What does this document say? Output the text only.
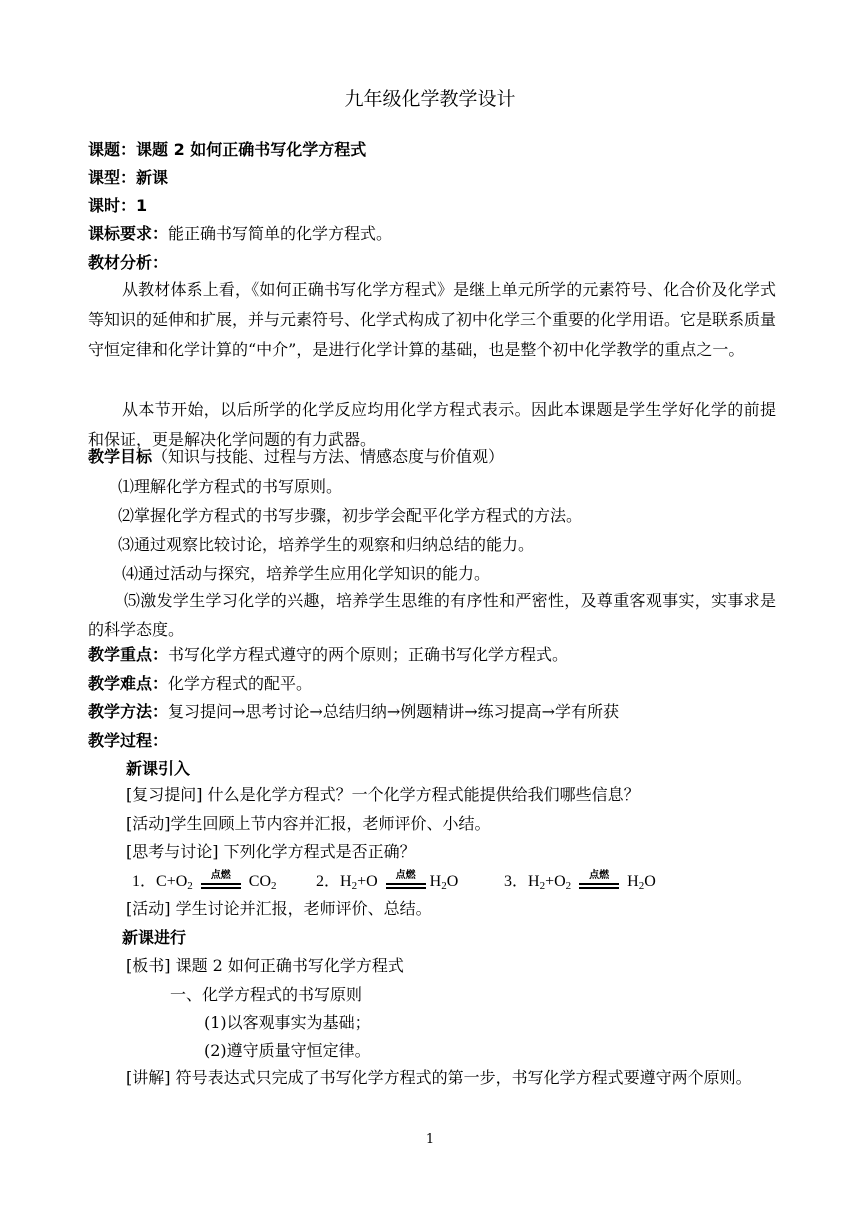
九年级化学教学设计
课题：课题 2 如何正确书写化学方程式
课型：新课
课时：1
课标要求：能正确书写简单的化学方程式。
教材分析：
从教材体系上看，《如何正确书写化学方程式》是继上单元所学的元素符号、化合价及化学式等知识的延伸和扩展，并与元素符号、化学式构成了初中化学三个重要的化学用语。它是联系质量守恒定律和化学计算的“中介”，是进行化学计算的基础，也是整个初中化学教学的重点之一。
从本节开始，以后所学的化学反应均用化学方程式表示。因此本课题是学生学好化学的前提和保证，更是解决化学问题的有力武器。
教学目标（知识与技能、过程与方法、情感态度与价值观）
⑴理解化学方程式的书写原则。
⑵掌握化学方程式的书写步骤，初步学会配平化学方程式的方法。
⑶通过观察比较讨论，培养学生的观察和归纳总结的能力。
⑷通过活动与探究，培养学生应用化学知识的能力。
⑸激发学生学习化学的兴趣，培养学生思维的有序性和严密性，及尊重客观事实，实事求是的科学态度。
教学重点：书写化学方程式遵守的两个原则；正确书写化学方程式。
教学难点：化学方程式的配平。
教学方法：复习提问→思考讨论→总结归纳→例题精讲→练习提高→学有所获
教学过程：
新课引入
[复习提问] 什么是化学方程式？一个化学方程式能提供给我们哪些信息？
[活动]学生回顾上节内容并汇报，老师评价、小结。
[思考与讨论] 下列化学方程式是否正确？
1．$C+O_2$
点燃	$CO_2$ 2．$H_2+O$	点燃 $H_2O$	3．$H_2+O_2$
点燃	$H_2O$
[活动] 学生讨论并汇报，老师评价、总结。
新课进行
[板书] 课题 2 如何正确书写化学方程式
一、化学方程式的书写原则
(1)以客观事实为基础；
(2)遵守质量守恒定律。
[讲解] 符号表达式只完成了书写化学方程式的第一步，书写化学方程式要遵守两个原则。
1
